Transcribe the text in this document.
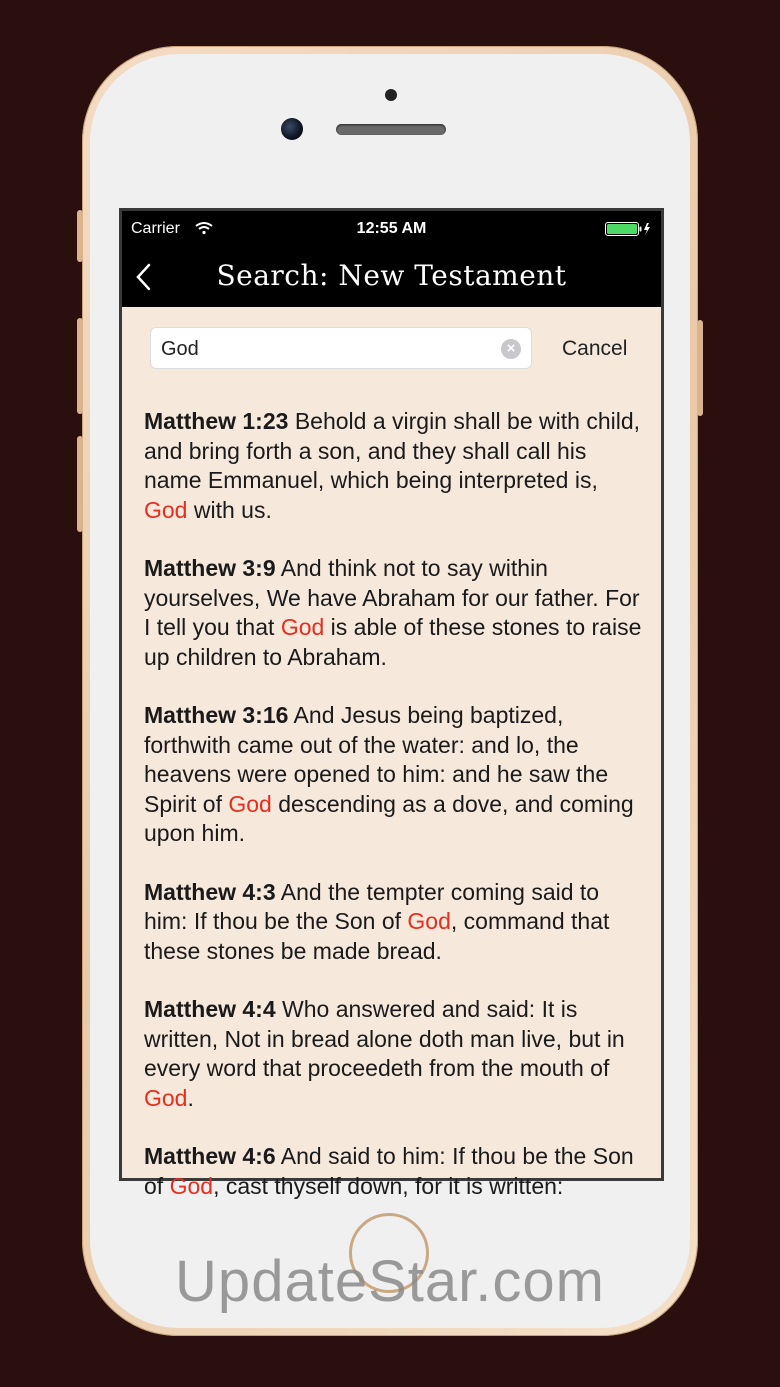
Carrier	12:55 AM
Search: New Testament
God	× Cancel

Matthew 1:23 Behold a virgin shall be with child, and bring forth a son, and they shall call his name Emmanuel, which being interpreted is, God with us.

Matthew 3:9 And think not to say within yourselves, We have Abraham for our father. For I tell you that God is able of these stones to raise up children to Abraham.

Matthew 3:16 And Jesus being baptized, forthwith came out of the water: and lo, the heavens were opened to him: and he saw the Spirit of God descending as a dove, and coming upon him.

Matthew 4:3 And the tempter coming said to him: If thou be the Son of God, command that these stones be made bread.

Matthew 4:4 Who answered and said: It is written, Not in bread alone doth man live, but in every word that proceedeth from the mouth of God.

Matthew 4:6 And said to him: If thou be the Son of God, cast thyself down, for it is written:

UpdateStar.com
